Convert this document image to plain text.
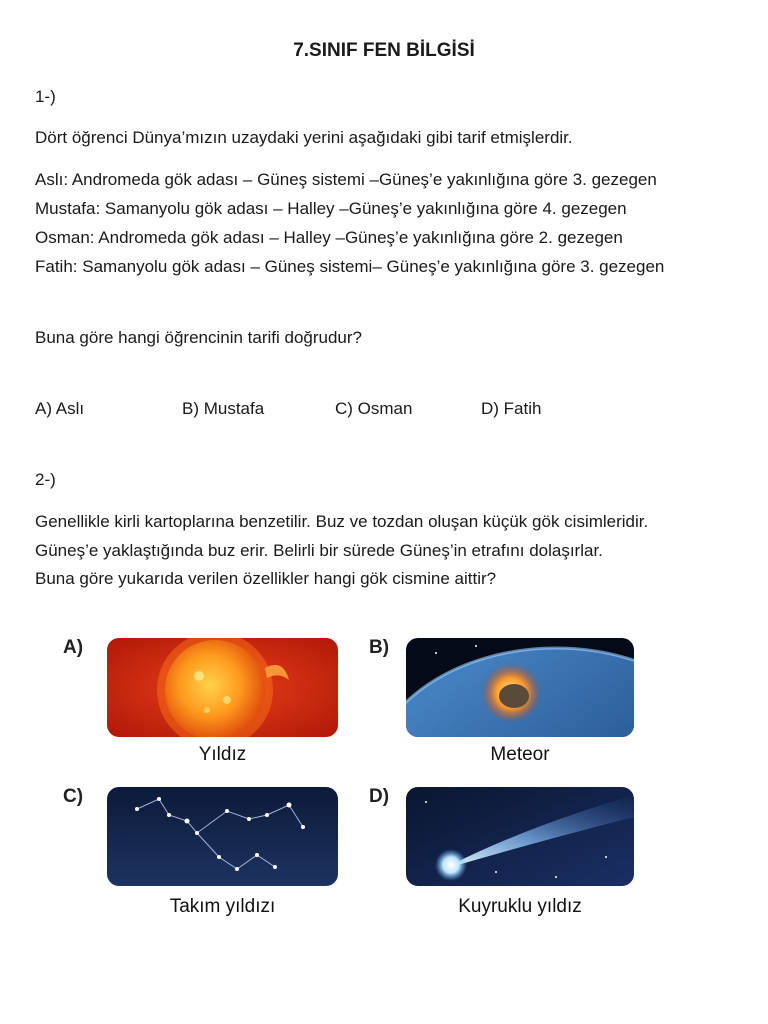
7.SINIF FEN BİLGİSİ
1-)
Dört öğrenci Dünya’mızın uzaydaki yerini aşağıdaki gibi tarif etmişlerdir.
Aslı: Andromeda gök adası – Güneş sistemi –Güneş’e yakınlığına göre 3. gezegen
Mustafa: Samanyolu gök adası – Halley –Güneş’e yakınlığına göre 4. gezegen
Osman: Andromeda gök adası – Halley –Güneş’e yakınlığına göre 2. gezegen
Fatih: Samanyolu gök adası – Güneş sistemi– Güneş’e yakınlığına göre 3. gezegen
Buna göre hangi öğrencinin tarifi doğrudur?
A) Aslı	B) Mustafa	C) Osman	D) Fatih
2-)
Genellikle kirli kartoplarına benzetilir. Buz ve tozdan oluşan küçük gök cisimleridir.
Güneş’e yaklaştığında buz erir. Belirli bir sürede Güneş’in etrafını dolaşırlar.
Buna göre yukarıda verilen özellikler hangi gök cismine aittir?
A)
Yıldız
B)
Meteor
C)
Takım yıldızı
D)
Kuyruklu yıldız
